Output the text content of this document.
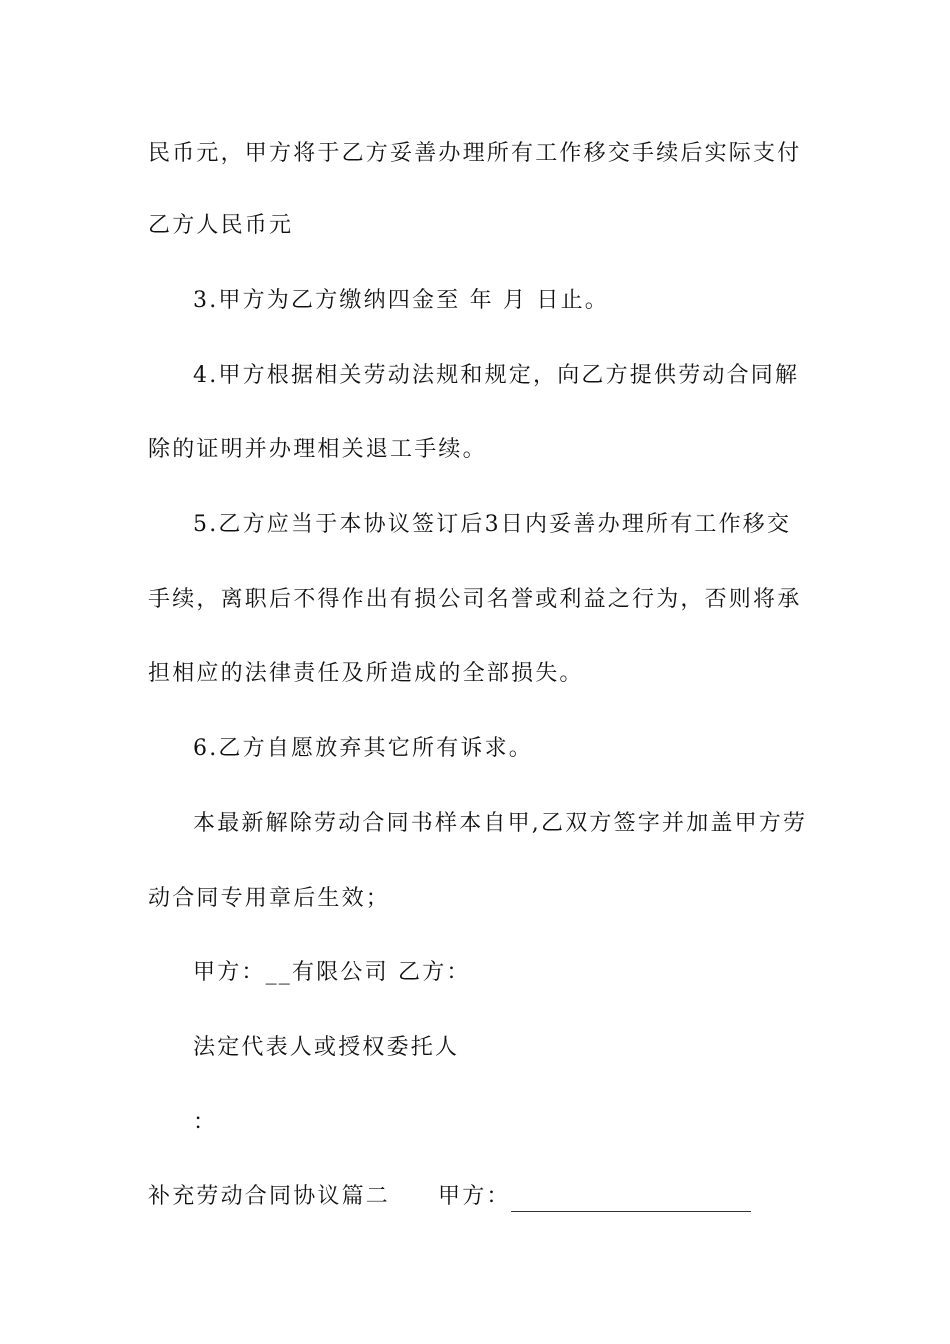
民币元，甲方将于乙方妥善办理所有工作移交手续后实际支付
乙方人民币元
3.甲方为乙方缴纳四金至 年 月 日止。
4.甲方根据相关劳动法规和规定，向乙方提供劳动合同解
除的证明并办理相关退工手续。
5.乙方应当于本协议签订后3日内妥善办理所有工作移交
手续，离职后不得作出有损公司名誉或利益之行为，否则将承
担相应的法律责任及所造成的全部损失。
6.乙方自愿放弃其它所有诉求。
本最新解除劳动合同书样本自甲,乙双方签字并加盖甲方劳
动合同专用章后生效；
甲方：__有限公司 乙方：
法定代表人或授权委托人
：
补充劳动合同协议篇二 甲方：
